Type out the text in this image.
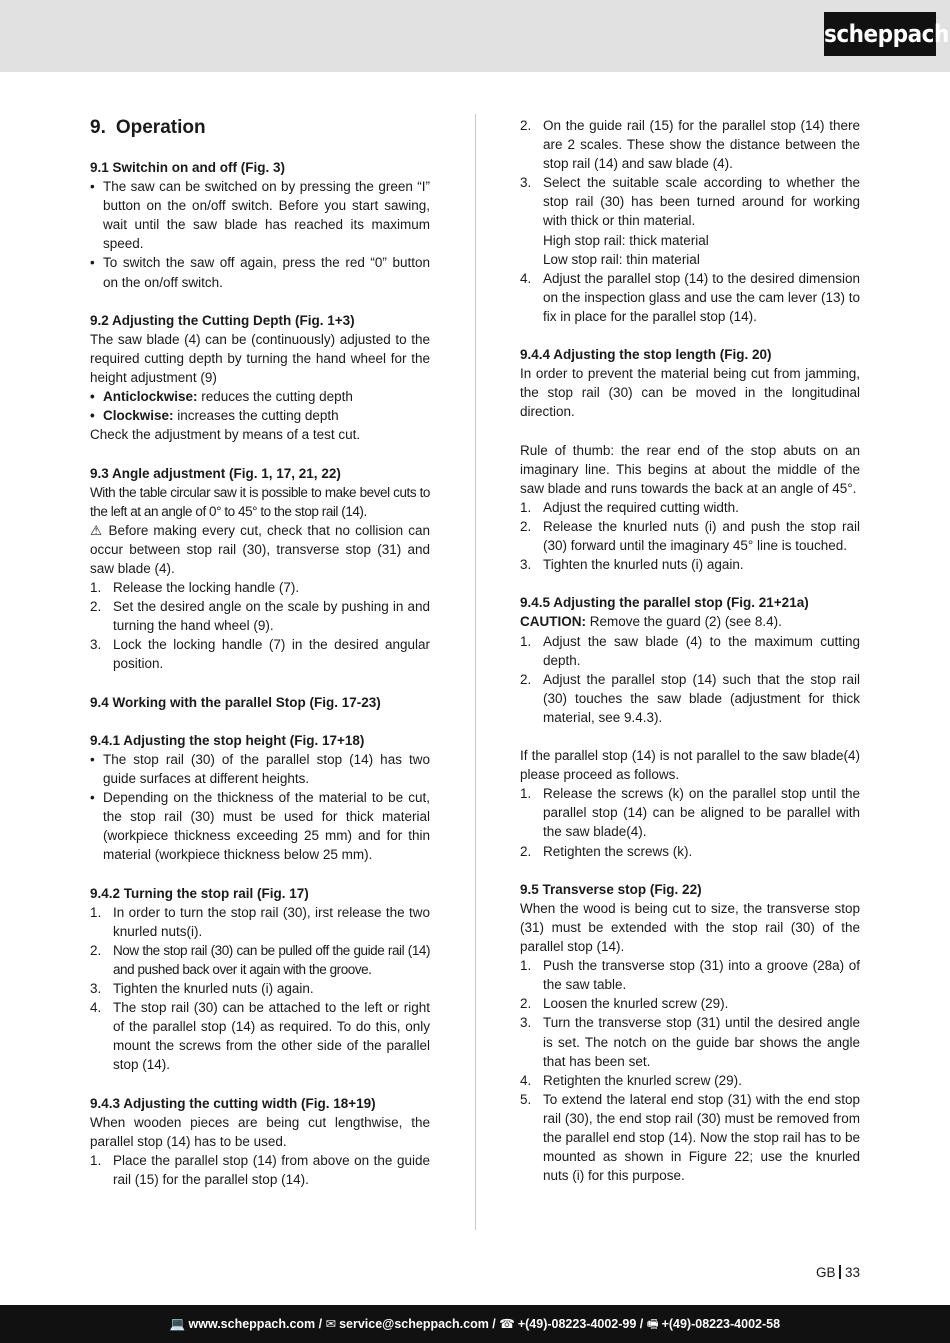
scheppach
9. Operation
9.1 Switchin on and off (Fig. 3)
• The saw can be switched on by pressing the green “I” button on the on/off switch. Before you start sawing, wait until the saw blade has reached its maximum speed.
• To switch the saw off again, press the red “0” button on the on/off switch.
9.2 Adjusting the Cutting Depth (Fig. 1+3)

The saw blade (4) can be (continuously) adjusted to the required cutting depth by turning the hand wheel for the height adjustment (9)

• Anticlockwise: reduces the cutting depth
• Clockwise: increases the cutting depth

Check the adjustment by means of a test cut.

9.3 Angle adjustment (Fig. 1, 17, 21, 22)

With the table circular saw it is possible to make bevel cuts to the left at an angle of 0° to 45° to the stop rail (14).

⚠ Before making every cut, check that no collision can occur between stop rail (30), transverse stop (31) and saw blade (4).

1. Release the locking handle (7).
2. Set the desired angle on the scale by pushing in and turning the hand wheel (9).
3. Lock the locking handle (7) in the desired angular position.
9.4 Working with the parallel Stop (Fig. 17-23)
9.4.1 Adjusting the stop height (Fig. 17+18)
• The stop rail (30) of the parallel stop (14) has two guide surfaces at different heights.
• Depending on the thickness of the material to be cut, the stop rail (30) must be used for thick material (workpiece thickness exceeding 25 mm) and for thin material (workpiece thickness below 25 mm).
9.4.2 Turning the stop rail (Fig. 17)
1. In order to turn the stop rail (30), irst release the two knurled nuts(i).
2. Now the stop rail (30) can be pulled off the guide rail (14) and pushed back over it again with the groove.
3. Tighten the knurled nuts (i) again.
4. The stop rail (30) can be attached to the left or right of the parallel stop (14) as required. To do this, only mount the screws from the other side of the parallel stop (14).
9.4.3 Adjusting the cutting width (Fig. 18+19)

When wooden pieces are being cut lengthwise, the parallel stop (14) has to be used.

1. Place the parallel stop (14) from above on the guide rail (15) for the parallel stop (14).
2. On the guide rail (15) for the parallel stop (14) there are 2 scales. These show the distance between the stop rail (14) and saw blade (4).
3. Select the suitable scale according to whether the stop rail (30) has been turned around for working with thick or thin material.
High stop rail: thick material
Low stop rail: thin material
4. Adjust the parallel stop (14) to the desired dimension on the inspection glass and use the cam lever (13) to fix in place for the parallel stop (14).
9.4.4 Adjusting the stop length (Fig. 20)

In order to prevent the material being cut from jamming, the stop rail (30) can be moved in the longitudinal direction.

Rule of thumb: the rear end of the stop abuts on an imaginary line. This begins at about the middle of the saw blade and runs towards the back at an angle of 45°.

1. Adjust the required cutting width.
2. Release the knurled nuts (i) and push the stop rail (30) forward until the imaginary 45° line is touched.
3. Tighten the knurled nuts (i) again.
9.4.5 Adjusting the parallel stop (Fig. 21+21a)

CAUTION: Remove the guard (2) (see 8.4).

1. Adjust the saw blade (4) to the maximum cutting depth.
2. Adjust the parallel stop (14) such that the stop rail (30) touches the saw blade (adjustment for thick material, see 9.4.3).

If the parallel stop (14) is not parallel to the saw blade(4) please proceed as follows.

1. Release the screws (k) on the parallel stop until the parallel stop (14) can be aligned to be parallel with the saw blade(4).
2. Retighten the screws (k).
9.5 Transverse stop (Fig. 22)

When the wood is being cut to size, the transverse stop (31) must be extended with the stop rail (30) of the parallel stop (14).

1. Push the transverse stop (31) into a groove (28a) of the saw table.
2. Loosen the knurled screw (29).
3. Turn the transverse stop (31) until the desired angle is set. The notch on the guide bar shows the angle that has been set.
4. Retighten the knurled screw (29).
5. To extend the lateral end stop (31) with the end stop rail (30), the end stop rail (30) must be removed from the parallel end stop (14). Now the stop rail has to be mounted as shown in Figure 22; use the knurled nuts (i) for this purpose.
GB 33
💻 www.scheppach.com / ✉ service@scheppach.com / ☎ +(49)-08223-4002-99 / 🖷 +(49)-08223-4002-58
